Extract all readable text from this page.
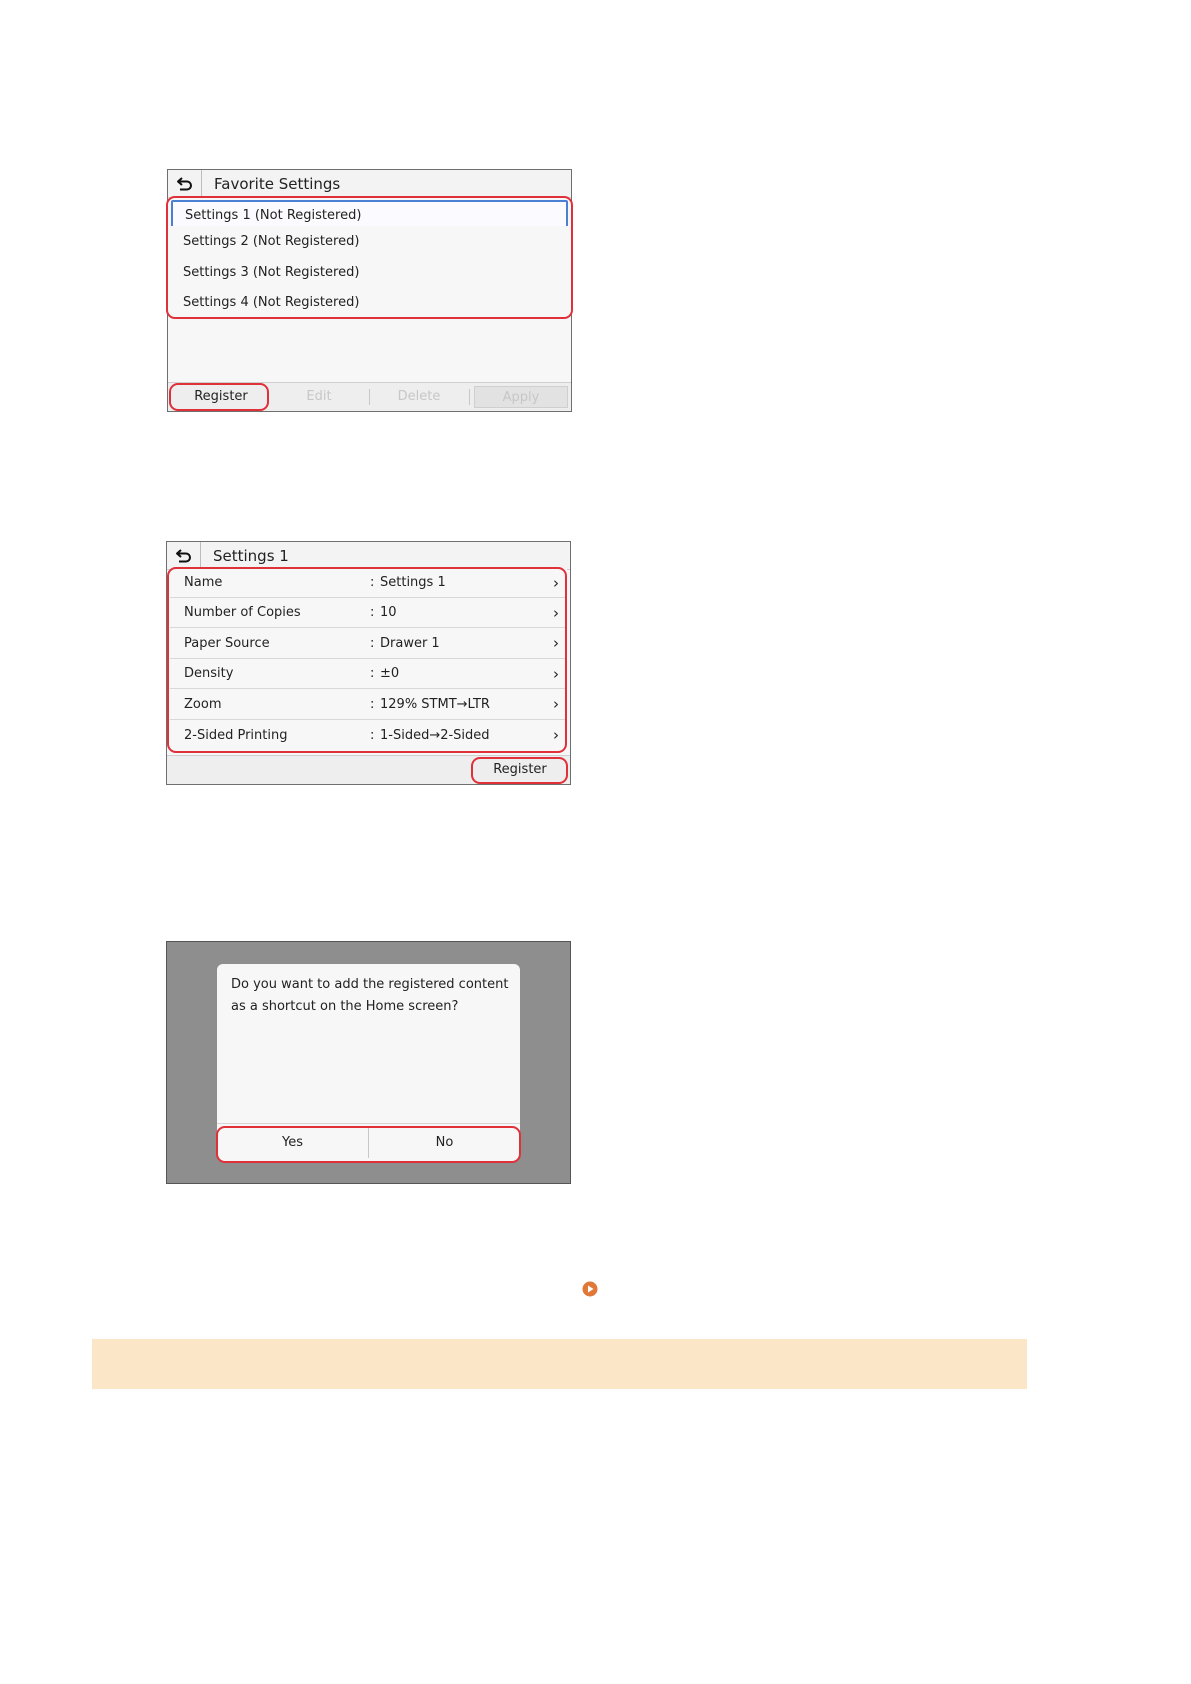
Favorite Settings
Settings 1 (Not Registered)
Settings 2 (Not Registered)
Settings 3 (Not Registered)
Settings 4 (Not Registered)
Register	Edit	Delete	Apply
Settings 1
Name	: Settings 1	›
Number of Copies	: 10	›
Paper Source	: Drawer 1	›
Density	: ±0	›
Zoom	: 129% STMT→LTR	›
2-Sided Printing	: 1-Sided→2-Sided	›
Register
Do you want to add the registered content as a shortcut on the Home screen?
Yes	No
